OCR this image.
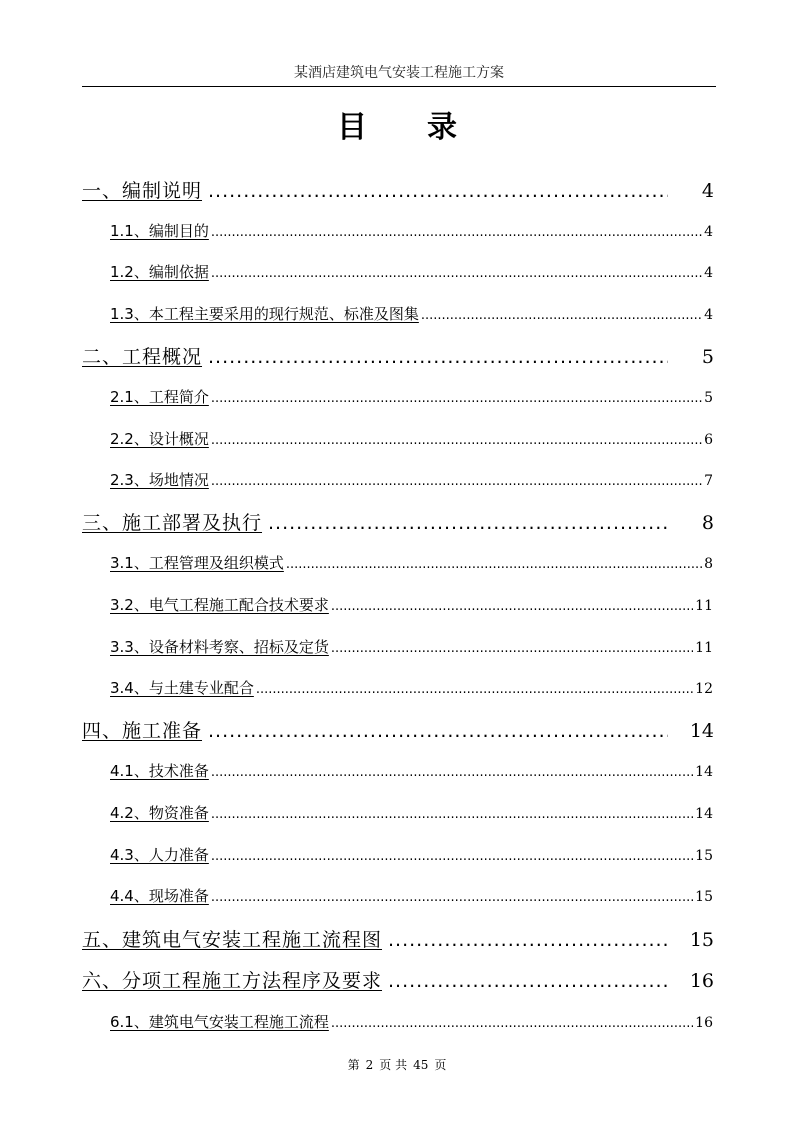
某酒店建筑电气安装工程施工方案
目 录
一、编制说明 .....	4
1.1、编制目的 .....	4
1.2、编制依据 .....	4
1.3、本工程主要采用的现行规范、标准及图集 .....	4
二、工程概况 .....	5
2.1、工程简介 .....	5
2.2、设计概况 .....	6
2.3、场地情况 .....	7
三、施工部署及执行 .....	8
3.1、工程管理及组织模式 .....	8
3.2、电气工程施工配合技术要求 .....	11
3.3、设备材料考察、招标及定货 .....	11
3.4、与土建专业配合 .....	12
四、施工准备 .....	14
4.1、技术准备 .....	14
4.2、物资准备 .....	14
4.3、人力准备 .....	15
4.4、现场准备 .....	15
五、建筑电气安装工程施工流程图 .....	15
六、分项工程施工方法程序及要求 .....	16
6.1、建筑电气安装工程施工流程 .....	16
第 2 页 共 45 页
